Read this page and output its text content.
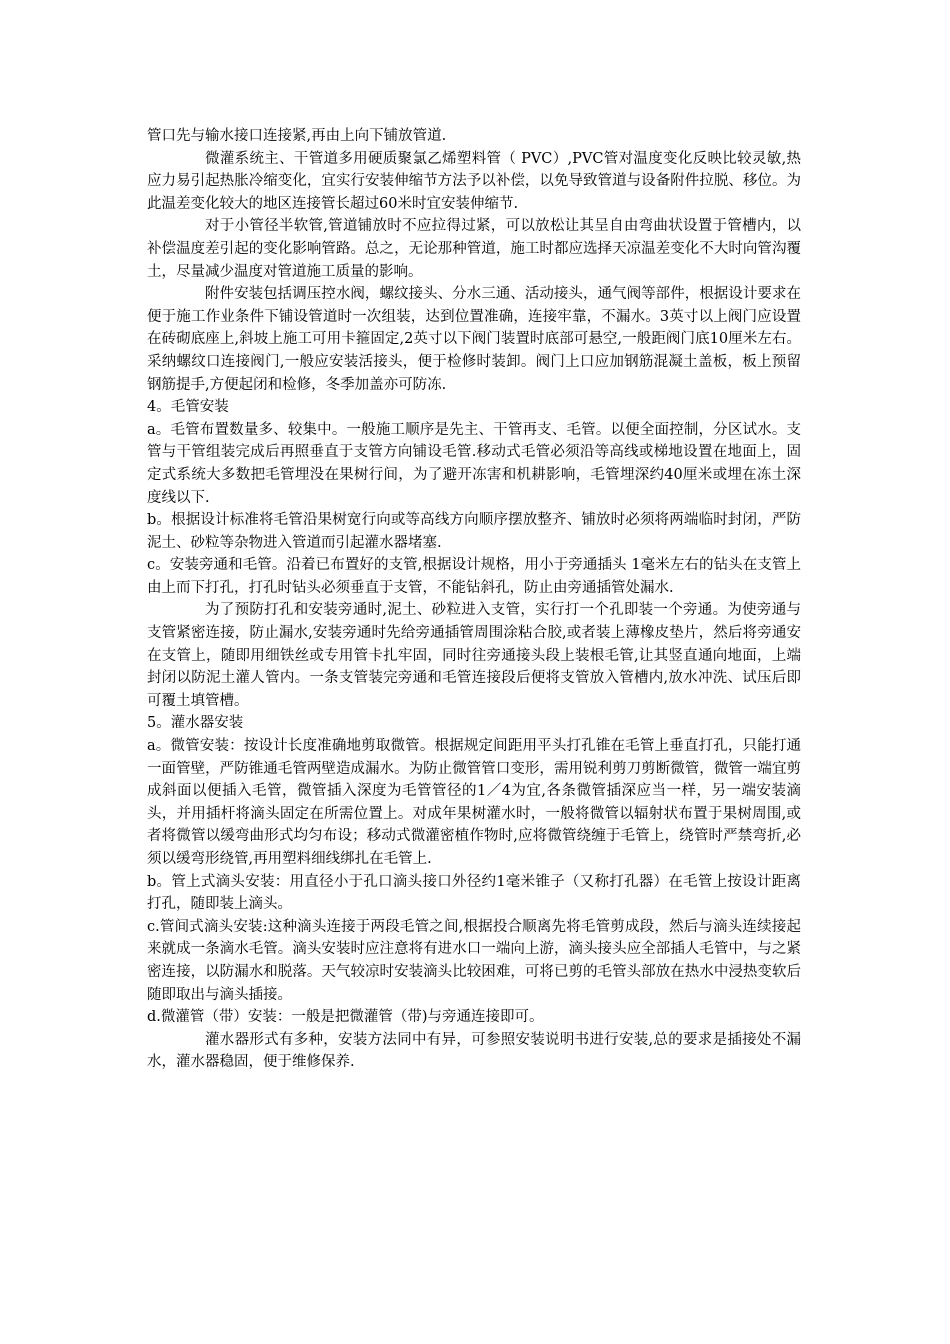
管口先与输水接口连接紧,再由上向下铺放管道.

微灌系统主、干管道多用硬质聚氯乙烯塑料管（ PVC）,PVC管对温度变化反映比较灵敏,热应力易引起热胀冷缩变化，宜实行安装伸缩节方法予以补偿，以免导致管道与设备附件拉脱、移位。为此温差变化较大的地区连接管长超过60米时宜安装伸缩节.

对于小管径半软管,管道铺放时不应拉得过紧，可以放松让其呈自由弯曲状设置于管槽内，以补偿温度差引起的变化影响管路。总之，无论那种管道，施工时都应选择天凉温差变化不大时向管沟覆土，尽量减少温度对管道施工质量的影响。

附件安装包括调压控水阀，螺纹接头、分水三通、活动接头，通气阀等部件，根据设计要求在便于施工作业条件下铺设管道时一次组装，达到位置准确，连接牢靠，不漏水。3英寸以上阀门应设置在砖砌底座上,斜坡上施工可用卡箍固定,2英寸以下阀门装置时底部可悬空,一般距阀门底10厘米左右。采纳螺纹口连接阀门,一般应安装活接头，便于检修时装卸。阀门上口应加钢筋混凝土盖板，板上预留钢筋提手,方便起闭和检修，冬季加盖亦可防冻.

4。毛管安装

a。毛管布置数量多、较集中。一般施工顺序是先主、干管再支、毛管。以便全面控制，分区试水。支管与干管组装完成后再照垂直于支管方向铺设毛管.移动式毛管必须沿等高线或梯地设置在地面上，固定式系统大多数把毛管埋没在果树行间，为了避开冻害和机耕影响，毛管埋深约40厘米或埋在冻土深度线以下.

b。根据设计标准将毛管沿果树宽行向或等高线方向顺序摆放整齐、铺放时必须将两端临时封闭，严防泥土、砂粒等杂物进入管道而引起灌水器堵塞.

c。安装旁通和毛管。沿着已布置好的支管,根据设计规格，用小于旁通插头 1毫米左右的钻头在支管上由上而下打孔，打孔时钻头必须垂直于支管，不能钻斜孔，防止由旁通插管处漏水.

为了预防打孔和安装旁通时,泥土、砂粒进入支管，实行打一个孔即装一个旁通。为使旁通与支管紧密连接，防止漏水,安装旁通时先给旁通插管周围涂粘合胶,或者装上薄橡皮垫片，然后将旁通安在支管上，随即用细铁丝或专用管卡扎牢固，同时往旁通接头段上装根毛管,让其竖直通向地面，上端封闭以防泥土灌人管内。一条支管装完旁通和毛管连接段后便将支管放入管槽内,放水冲洗、试压后即可覆土填管槽。

5。灌水器安装

a。微管安装：按设计长度准确地剪取微管。根据规定间距用平头打孔锥在毛管上垂直打孔，只能打通一面管壁，严防锥通毛管两壁造成漏水。为防止微管管口变形，需用锐利剪刀剪断微管，微管一端宜剪成斜面以便插入毛管，微管插入深度为毛管管径的1／4为宜,各条微管插深应当一样，另一端安装滴头，并用插杆将滴头固定在所需位置上。对成年果树灌水时，一般将微管以辐射状布置于果树周围,或者将微管以缓弯曲形式均匀布设；移动式微灌密植作物时,应将微管绕缠于毛管上，绕管时严禁弯折,必须以缓弯形绕管,再用塑料细线绑扎在毛管上.

b。管上式滴头安装：用直径小于孔口滴头接口外径约1毫米锥子（又称打孔器）在毛管上按设计距离打孔，随即装上滴头。

c.管间式滴头安装:这种滴头连接于两段毛管之间,根据投合顺离先将毛管剪成段，然后与滴头连续接起来就成一条滴水毛管。滴头安装时应注意将有进水口一端向上游，滴头接头应全部插人毛管中，与之紧密连接，以防漏水和脱落。天气较凉时安装滴头比较困难，可将已剪的毛管头部放在热水中浸热变软后随即取出与滴头插接。

d.微灌管（带）安装：一般是把微灌管（带)与旁通连接即可。

灌水器形式有多种，安装方法同中有异，可参照安装说明书进行安装,总的要求是插接处不漏水，灌水器稳固，便于维修保养.
